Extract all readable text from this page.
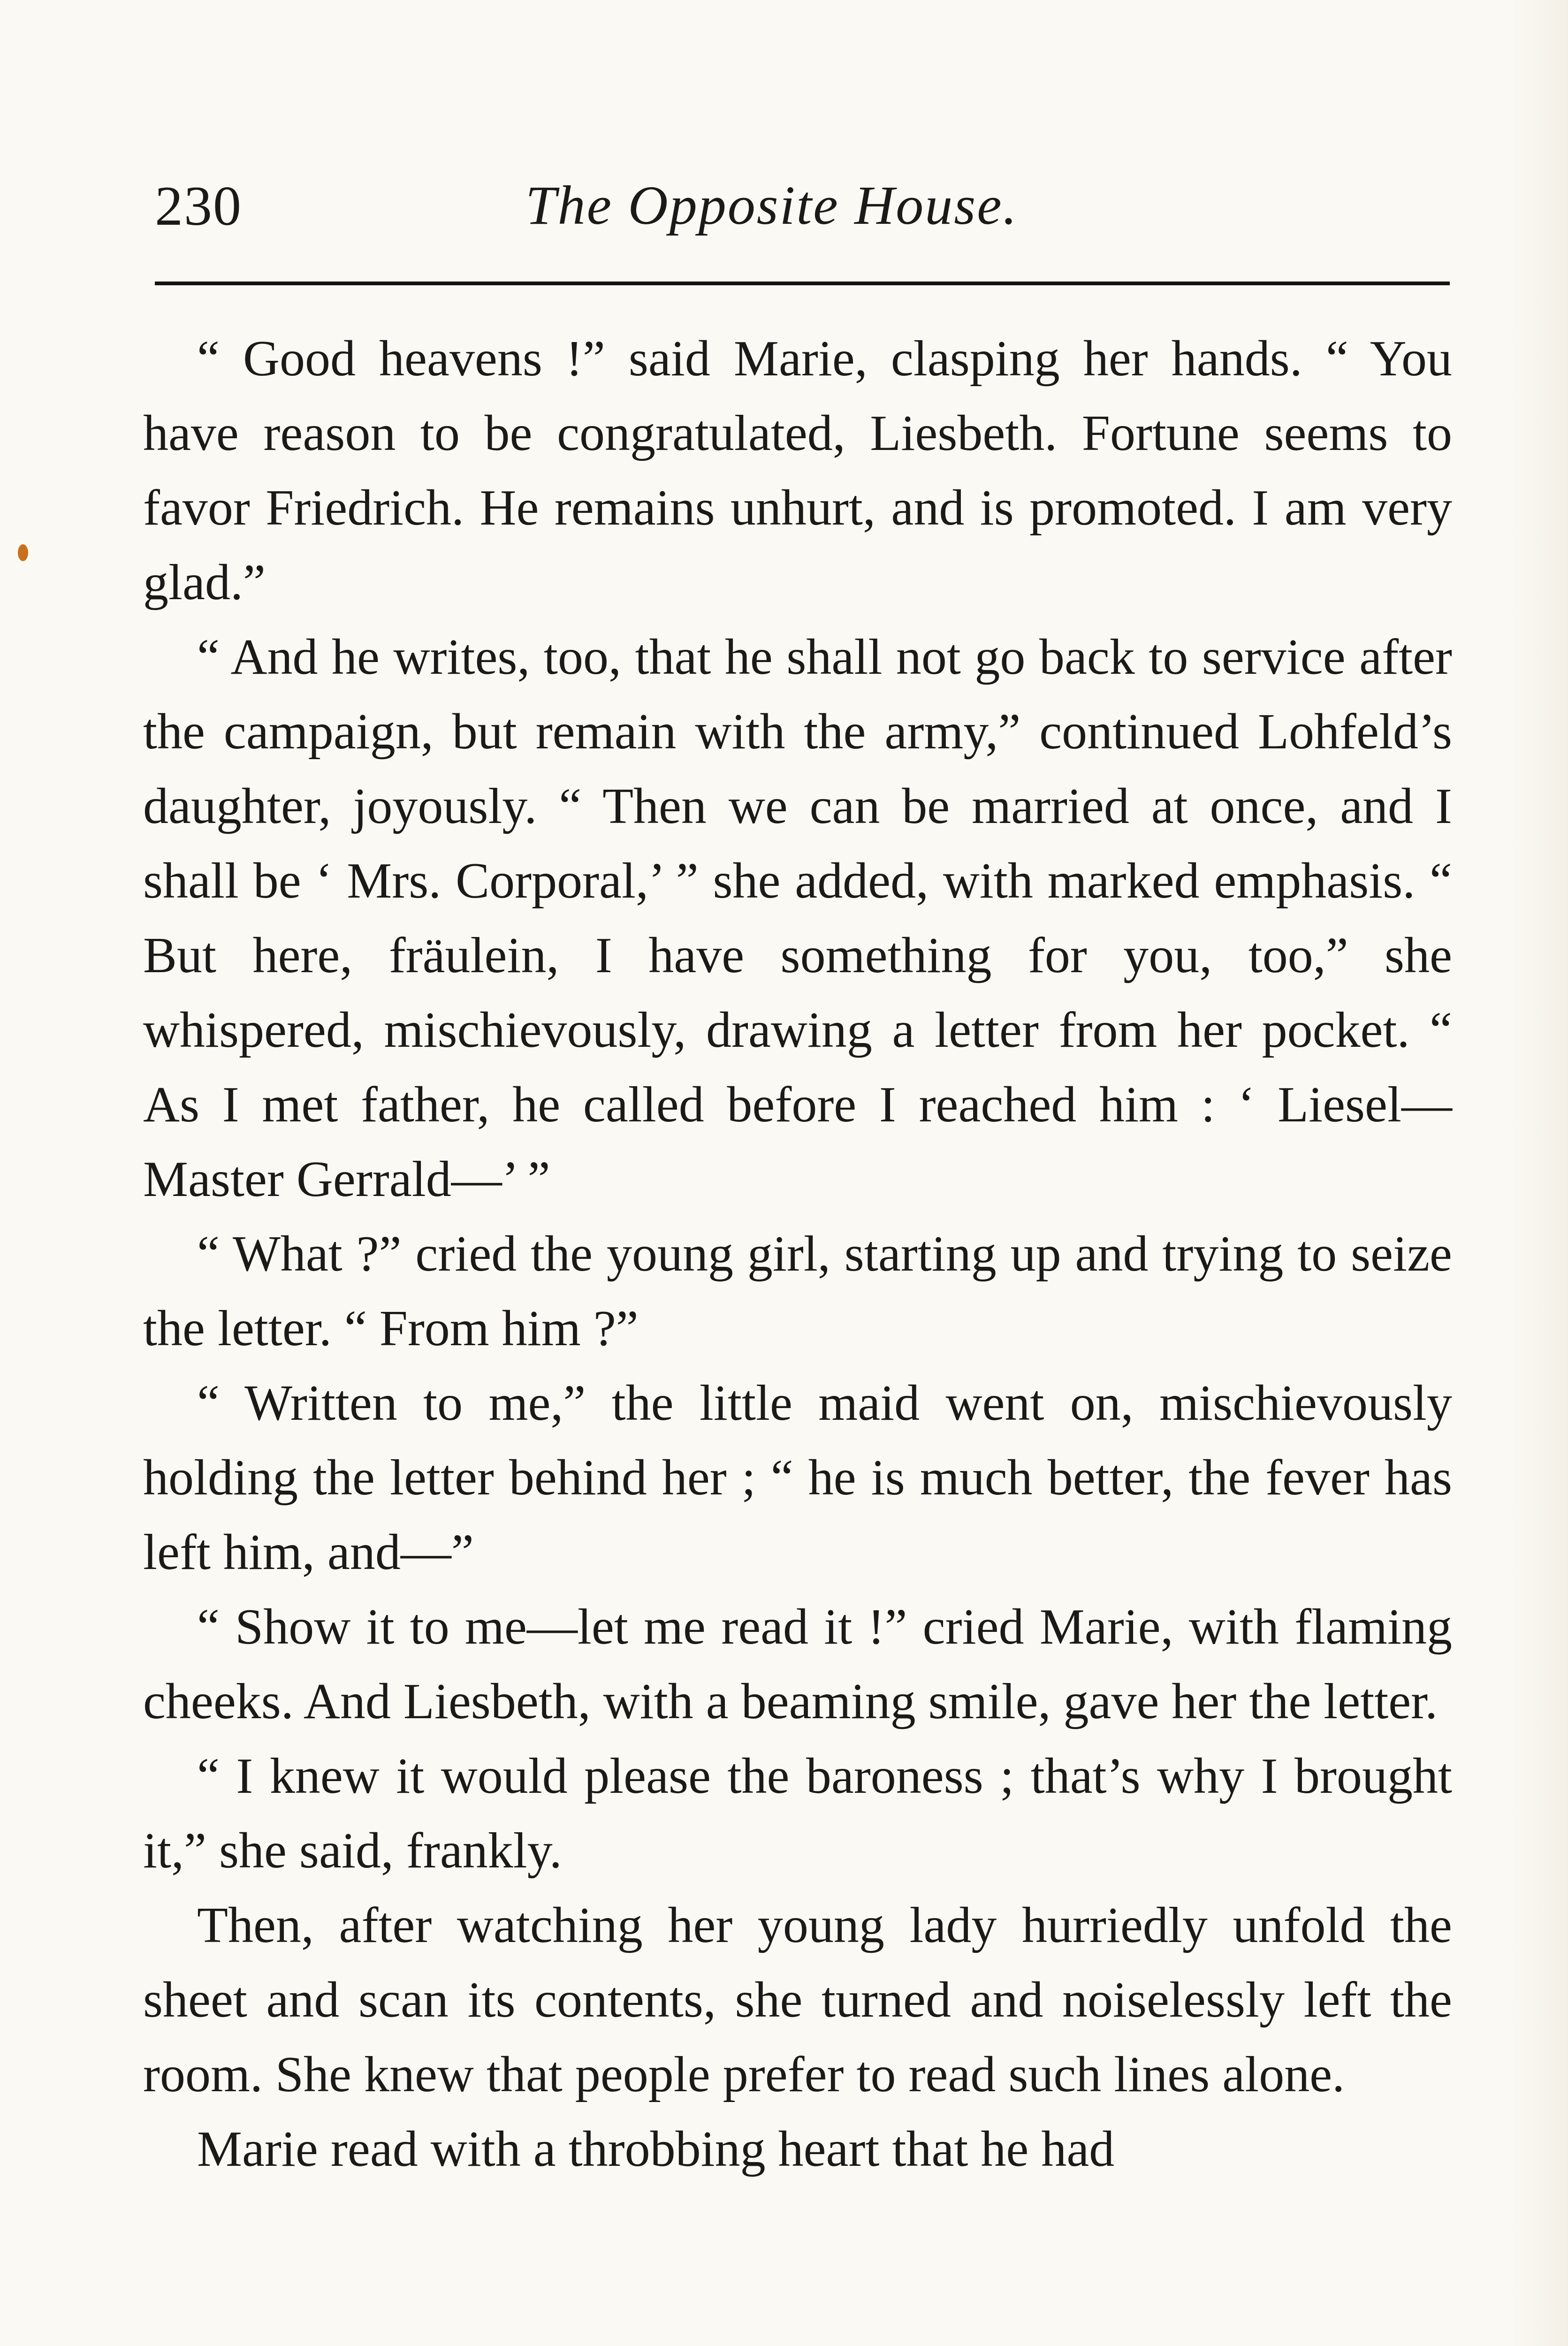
230	The Opposite House.

“ Good heavens !” said Marie, clasping her hands. “ You have reason to be congratulated, Liesbeth. Fortune seems to favor Friedrich. He remains unhurt, and is promoted. I am very glad.”

“ And he writes, too, that he shall not go back to service after the campaign, but remain with the army,” continued Lohfeld’s daughter, joyously. “ Then we can be married at once, and I shall be ‘ Mrs. Corporal,’ ” she added, with marked emphasis. “ But here, fräulein, I have something for you, too,” she whispered, mischievously, drawing a letter from her pocket. “ As I met father, he called before I reached him : ‘ Liesel—Master Gerrald—’ ”

“ What ?” cried the young girl, starting up and trying to seize the letter. “ From him ?”

“ Written to me,” the little maid went on, mischievously holding the letter behind her ; “ he is much better, the fever has left him, and—”

“ Show it to me—let me read it !” cried Marie, with flaming cheeks. And Liesbeth, with a beaming smile, gave her the letter.

“ I knew it would please the baroness ; that’s why I brought it,” she said, frankly.

Then, after watching her young lady hurriedly unfold the sheet and scan its contents, she turned and noiselessly left the room. She knew that people prefer to read such lines alone.

Marie read with a throbbing heart that he had
